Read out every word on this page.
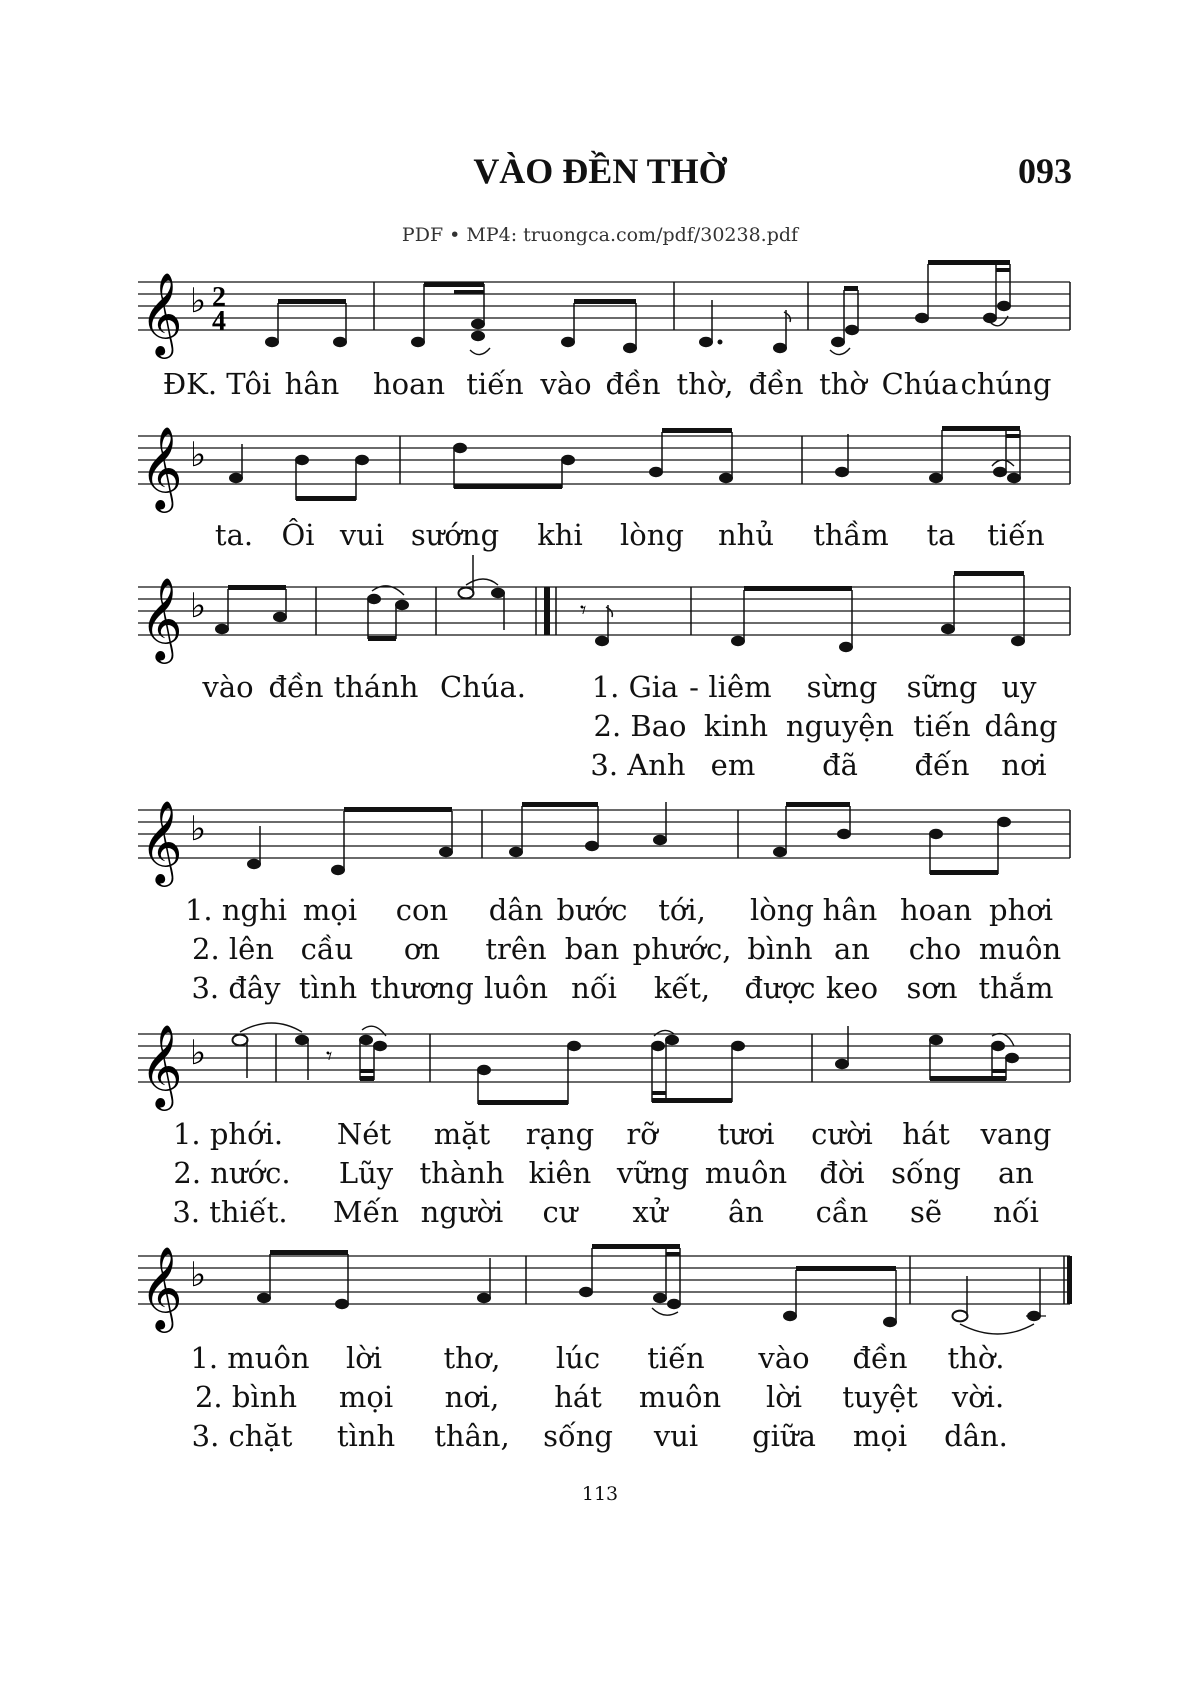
VÀO ĐỀN THỜ	093
PDF • MP4: truongca.com/pdf/30238.pdf
𝄞 ♭ 2
4
ĐK. Tôi hân hoan tiến vào đền thờ, đền thờ Chúa chúng
𝄞 ♭
ta. Ôi vui sướng khi lòng nhủ thầm ta tiến
𝄞 ♭	𝄾
vào đền thánh Chúa. 1. Gia - liêm sừng sững uy
2. Bao kinh nguyện tiến dâng
3. Anh em đã đến nơi
𝄞 ♭
1. nghi mọi con dân bước tới, lòng hân hoan phơi
2. lên cầu ơn trên ban phước, bình an cho muôn
3. đây tình thương luôn nối kết, được keo sơn thắm
𝄞 ♭	𝄾
1. phới. Nét mặt rạng rỡ tươi cười hát vang
2. nước. Lũy thành kiên vững muôn đời sống an
3. thiết. Mến người cư xử ân cần sẽ nối
𝄞 ♭
1. muôn lời thơ, lúc tiến vào đền thờ.
2. bình mọi nơi, hát muôn lời tuyệt vời.
3. chặt tình thân, sống vui giữa mọi dân.
113
